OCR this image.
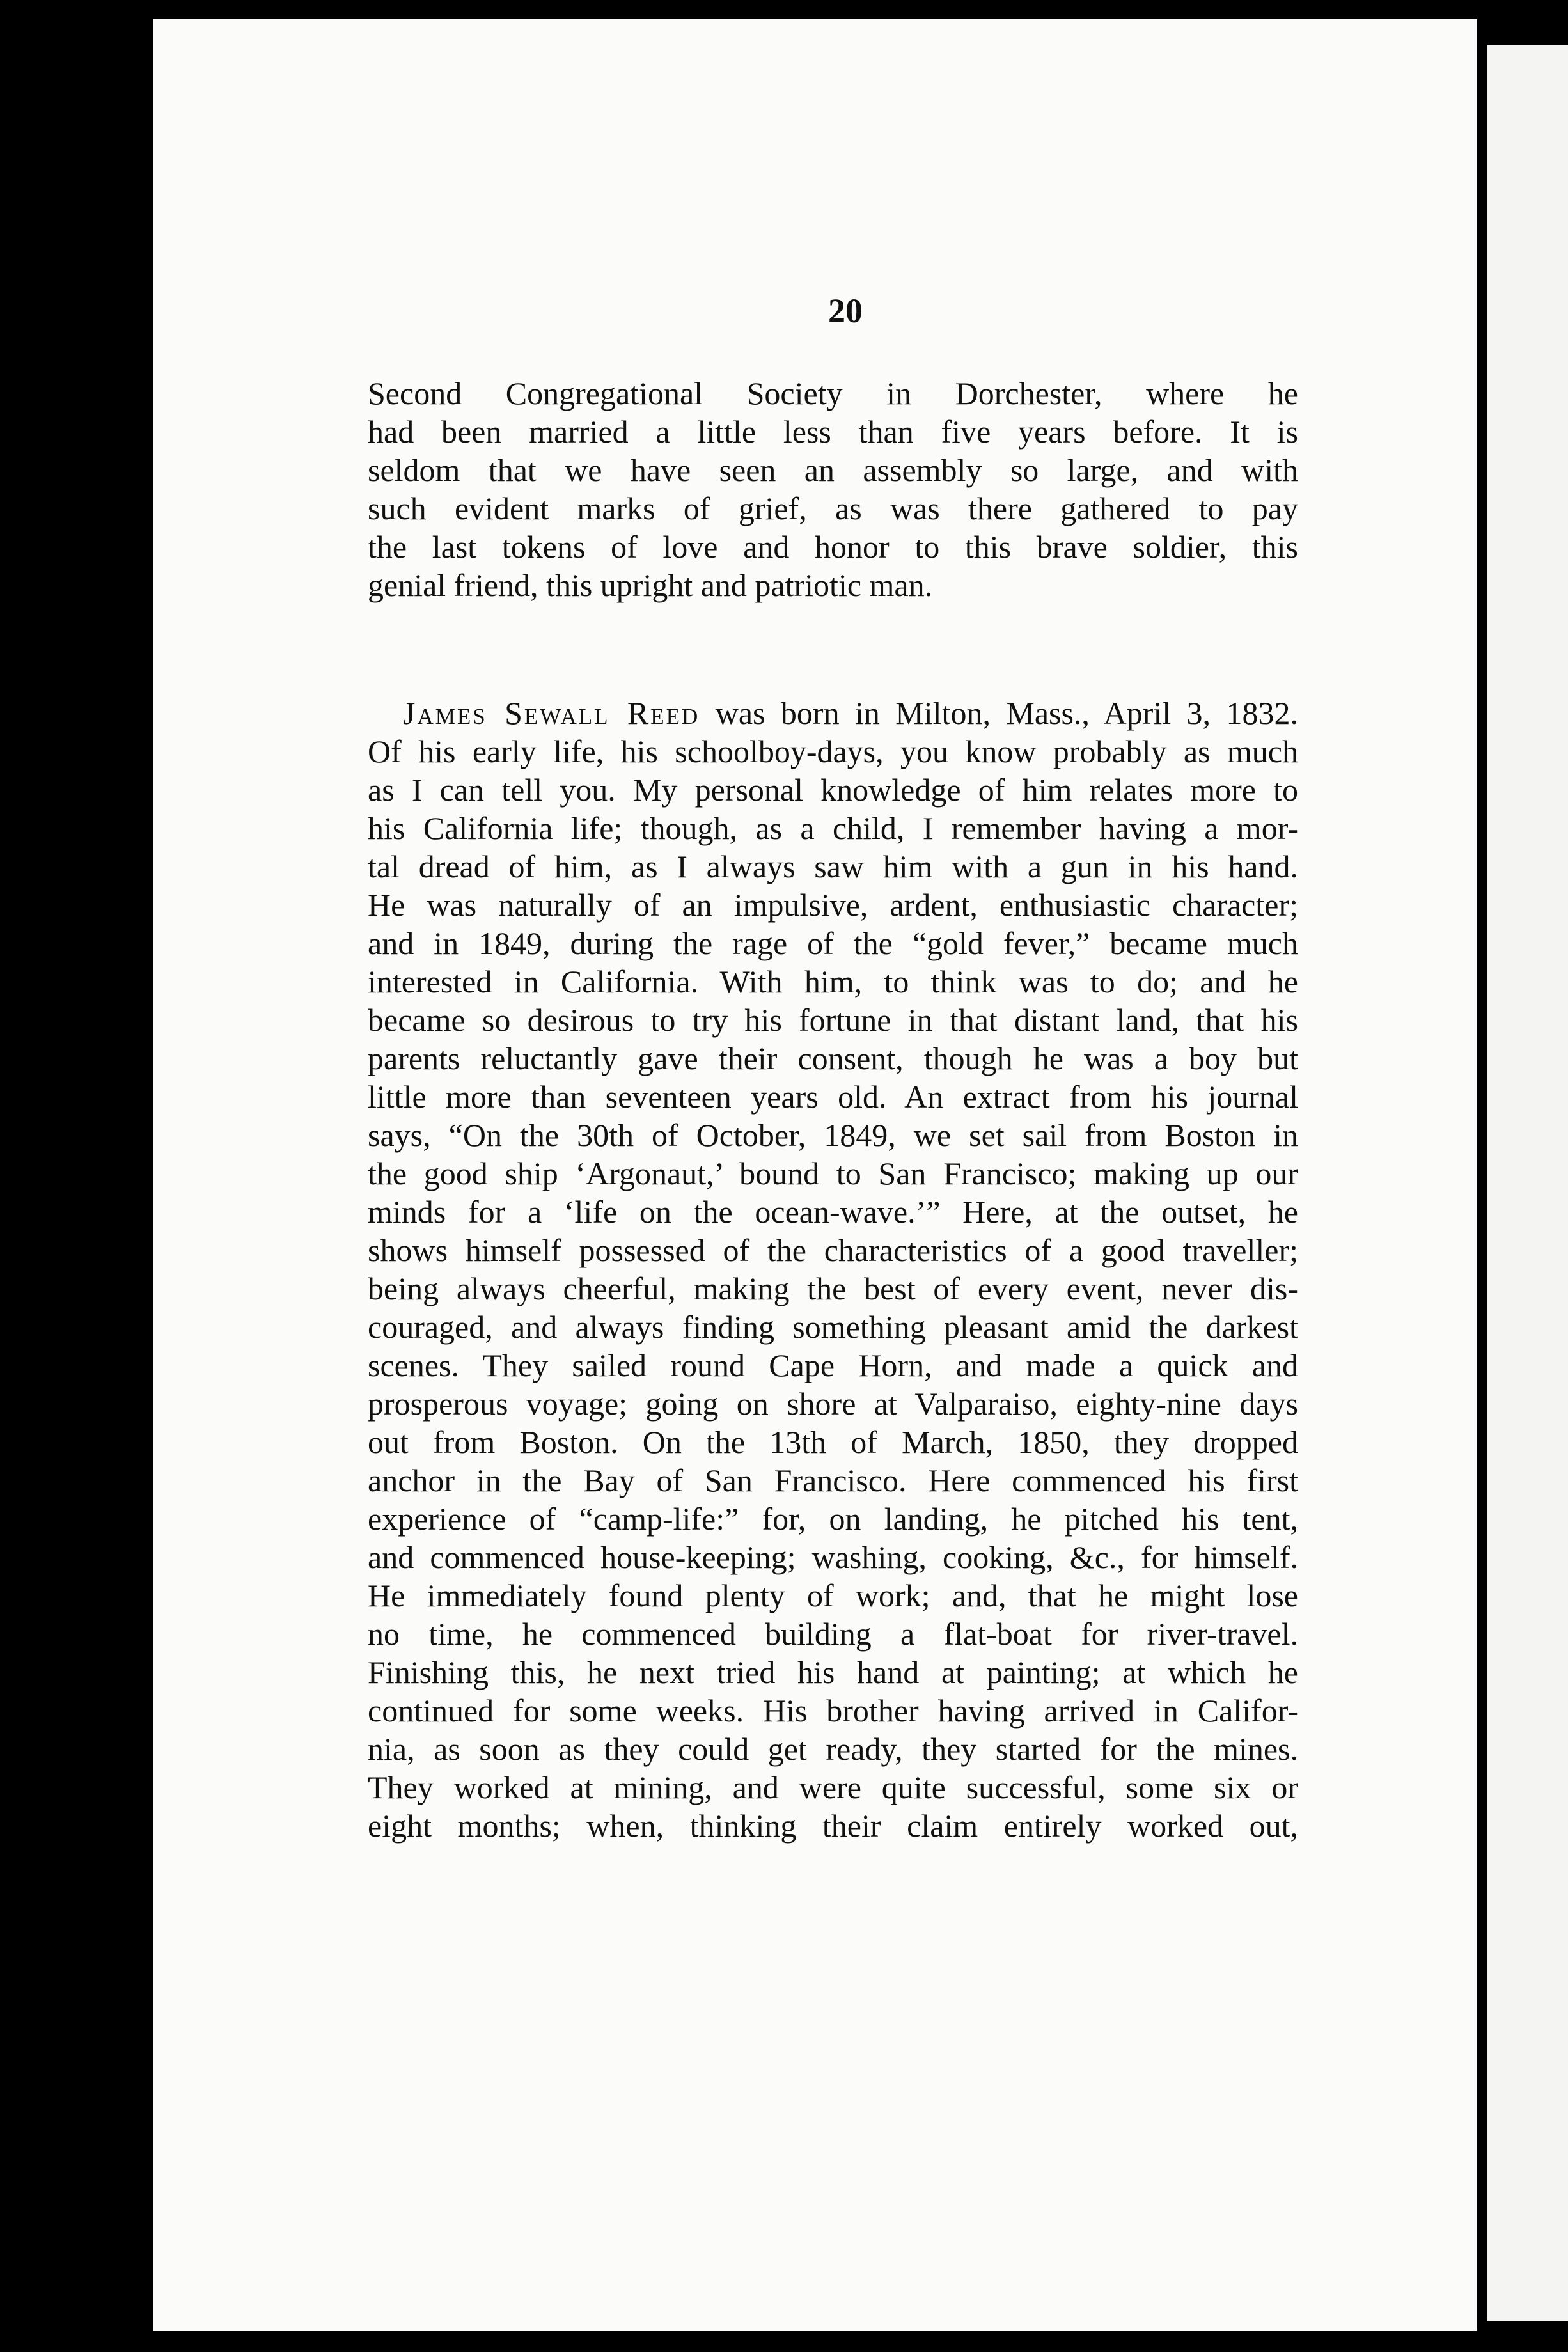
20
Second Congregational Society in Dorchester, where he
had been married a little less than five years before. It is
seldom that we have seen an assembly so large, and with
such evident marks of grief, as was there gathered to pay
the last tokens of love and honor to this brave soldier, this
genial friend, this upright and patriotic man.
James Sewall Reed was born in Milton, Mass., April 3, 1832.
Of his early life, his schoolboy-days, you know probably as much
as I can tell you. My personal knowledge of him relates more to
his California life; though, as a child, I remember having a mor-
tal dread of him, as I always saw him with a gun in his hand.
He was naturally of an impulsive, ardent, enthusiastic character;
and in 1849, during the rage of the “gold fever,” became much
interested in California. With him, to think was to do; and he
became so desirous to try his fortune in that distant land, that his
parents reluctantly gave their consent, though he was a boy but
little more than seventeen years old. An extract from his journal
says, “On the 30th of October, 1849, we set sail from Boston in
the good ship ‘Argonaut,’ bound to San Francisco; making up our
minds for a ‘life on the ocean-wave.’” Here, at the outset, he
shows himself possessed of the characteristics of a good traveller;
being always cheerful, making the best of every event, never dis-
couraged, and always finding something pleasant amid the darkest
scenes. They sailed round Cape Horn, and made a quick and
prosperous voyage; going on shore at Valparaiso, eighty-nine days
out from Boston. On the 13th of March, 1850, they dropped
anchor in the Bay of San Francisco. Here commenced his first
experience of “camp-life:” for, on landing, he pitched his tent,
and commenced house-keeping; washing, cooking, &c., for himself.
He immediately found plenty of work; and, that he might lose
no time, he commenced building a flat-boat for river-travel.
Finishing this, he next tried his hand at painting; at which he
continued for some weeks. His brother having arrived in Califor-
nia, as soon as they could get ready, they started for the mines.
They worked at mining, and were quite successful, some six or
eight months; when, thinking their claim entirely worked out,
